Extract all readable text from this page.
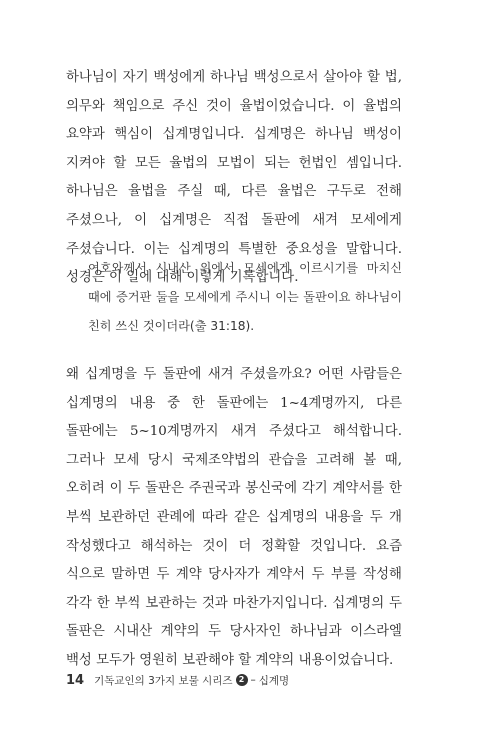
하나님이 자기 백성에게 하나님 백성으로서 살아야 할 법, 의무와 책임으로 주신 것이 율법이었습니다. 이 율법의 요약과 핵심이 십계명입니다. 십계명은 하나님 백성이 지켜야 할 모든 율법의 모법이 되는 헌법인 셈입니다. 하나님은 율법을 주실 때, 다른 율법은 구두로 전해 주셨으나, 이 십계명은 직접 돌판에 새겨 모세에게 주셨습니다. 이는 십계명의 특별한 중요성을 말합니다. 성경은 이 일에 대해 이렇게 기록합니다.

여호와께서 시내산 위에서 모세에게 이르시기를 마치신 때에 증거판 둘을 모세에게 주시니 이는 돌판이요 하나님이 친히 쓰신 것이더라(출 31:18).

왜 십계명을 두 돌판에 새겨 주셨을까요? 어떤 사람들은 십계명의 내용 중 한 돌판에는 1~4계명까지, 다른 돌판에는 5~10계명까지 새겨 주셨다고 해석합니다. 그러나 모세 당시 국제조약법의 관습을 고려해 볼 때, 오히려 이 두 돌판은 주권국과 봉신국에 각기 계약서를 한 부씩 보관하던 관례에 따라 같은 십계명의 내용을 두 개 작성했다고 해석하는 것이 더 정확할 것입니다. 요즘 식으로 말하면 두 계약 당사자가 계약서 두 부를 작성해 각각 한 부씩 보관하는 것과 마찬가지입니다. 십계명의 두 돌판은 시내산 계약의 두 당사자인 하나님과 이스라엘 백성 모두가 영원히 보관해야 할 계약의 내용이었습니다.

14 기독교인의 3가지 보물 시리즈 2 – 십계명
